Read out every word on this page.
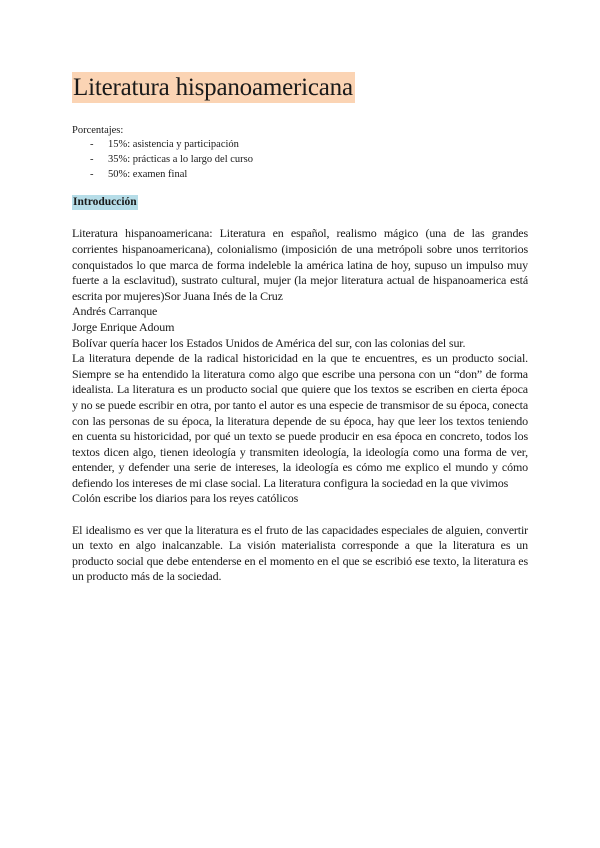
Literatura hispanoamericana
Porcentajes:
-	15%: asistencia y participación
-	35%: prácticas a lo largo del curso
-	50%: examen final
Introducción

Literatura hispanoamericana: Literatura en español, realismo mágico (una de las grandes corrientes hispanoamericana), colonialismo (imposición de una metrópoli sobre unos territorios conquistados lo que marca de forma indeleble la américa latina de hoy, supuso un impulso muy fuerte a la esclavitud), sustrato cultural, mujer (la mejor literatura actual de hispanoamerica está escrita por mujeres)Sor Juana Inés de la Cruz

Andrés Carranque

Jorge Enrique Adoum

Bolívar quería hacer los Estados Unidos de América del sur, con las colonias del sur.

La literatura depende de la radical historicidad en la que te encuentres, es un producto social. Siempre se ha entendido la literatura como algo que escribe una persona con un “don” de forma idealista. La literatura es un producto social que quiere que los textos se escriben en cierta época y no se puede escribir en otra, por tanto el autor es una especie de transmisor de su época, conecta con las personas de su época, la literatura depende de su época, hay que leer los textos teniendo en cuenta su historicidad, por qué un texto se puede producir en esa época en concreto, todos los textos dicen algo, tienen ideología y transmiten ideología, la ideología como una forma de ver, entender, y defender una serie de intereses, la ideología es cómo me explico el mundo y cómo defiendo los intereses de mi clase social. La literatura configura la sociedad en la que vivimos

Colón escribe los diarios para los reyes católicos

El idealismo es ver que la literatura es el fruto de las capacidades especiales de alguien, convertir un texto en algo inalcanzable. La visión materialista corresponde a que la literatura es un producto social que debe entenderse en el momento en el que se escribió ese texto, la literatura es un producto más de la sociedad.
